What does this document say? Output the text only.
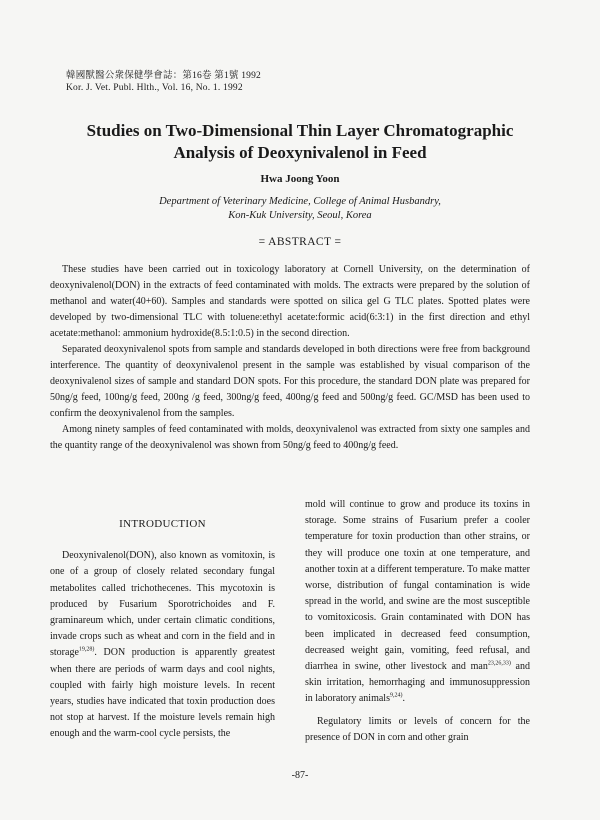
韓國獸醫公衆保健學會誌：第16卷 第1號 1992
Kor. J. Vet. Publ. Hlth., Vol. 16, No. 1. 1992
Studies on Two-Dimensional Thin Layer Chromatographic
Analysis of Deoxynivalenol in Feed
Hwa Joong Yoon
Department of Veterinary Medicine, College of Animal Husbandry,
Kon-Kuk University, Seoul, Korea
= ABSTRACT =

These studies have been carried out in toxicology laboratory at Cornell University, on the determination of deoxynivalenol(DON) in the extracts of feed contaminated with molds. The extracts were prepared by the solution of methanol and water(40+60). Samples and standards were spotted on silica gel G TLC plates. Spotted plates were developed by two-dimensional TLC with toluene:ethyl acetate:formic acid(6:3:1) in the first direction and ethyl acetate:methanol: ammonium hydroxide(8.5:1:0.5) in the second direction.

Separated deoxynivalenol spots from sample and standards developed in both directions were free from background interference. The quantity of deoxynivalenol present in the sample was established by visual comparison of the deoxynivalenol sizes of sample and standard DON spots. For this procedure, the standard DON plate was prepared for 50ng/g feed, 100ng/g feed, 200ng /g feed, 300ng/g feed, 400ng/g feed and 500ng/g feed. GC/MSD has been used to confirm the deoxynivalenol from the samples.

Among ninety samples of feed contaminated with molds, deoxynivalenol was extracted from sixty one samples and the quantity range of the deoxynivalenol was shown from 50ng/g feed to 400ng/g feed.

INTRODUCTION

Deoxynivalenol(DON), also known as vomitoxin, is one of a group of closely related secondary fungal metabolites called trichothecenes. This mycotoxin is produced by Fusarium Sporotrichoides and F. graminareum which, under certain climatic conditions, invade crops such as wheat and corn in the field and in storage$^{19,28)}$. DON production is apparently greatest when there are periods of warm days and cool nights, coupled with fairly high moisture levels. In recent years, studies have indicated that toxin production does not stop at harvest. If the moisture levels remain high enough and the warm-cool cycle persists, the

mold will continue to grow and produce its toxins in storage. Some strains of Fusarium prefer a cooler temperature for toxin production than other strains, or they will produce one toxin at one temperature, and another toxin at a different temperature. To make matter worse, distribution of fungal contamination is wide spread in the world, and swine are the most susceptible to vomitoxicosis. Grain contaminated with DON has been implicated in decreased feed consumption, decreased weight gain, vomiting, feed refusal, and diarrhea in swine, other livestock and man$^{23,26,33)}$ and skin irritation, hemorrhaging and immunosuppression in laboratory animals$^{9,24)}$.

Regulatory limits or levels of concern for the presence of DON in corn and other grain

-87-
